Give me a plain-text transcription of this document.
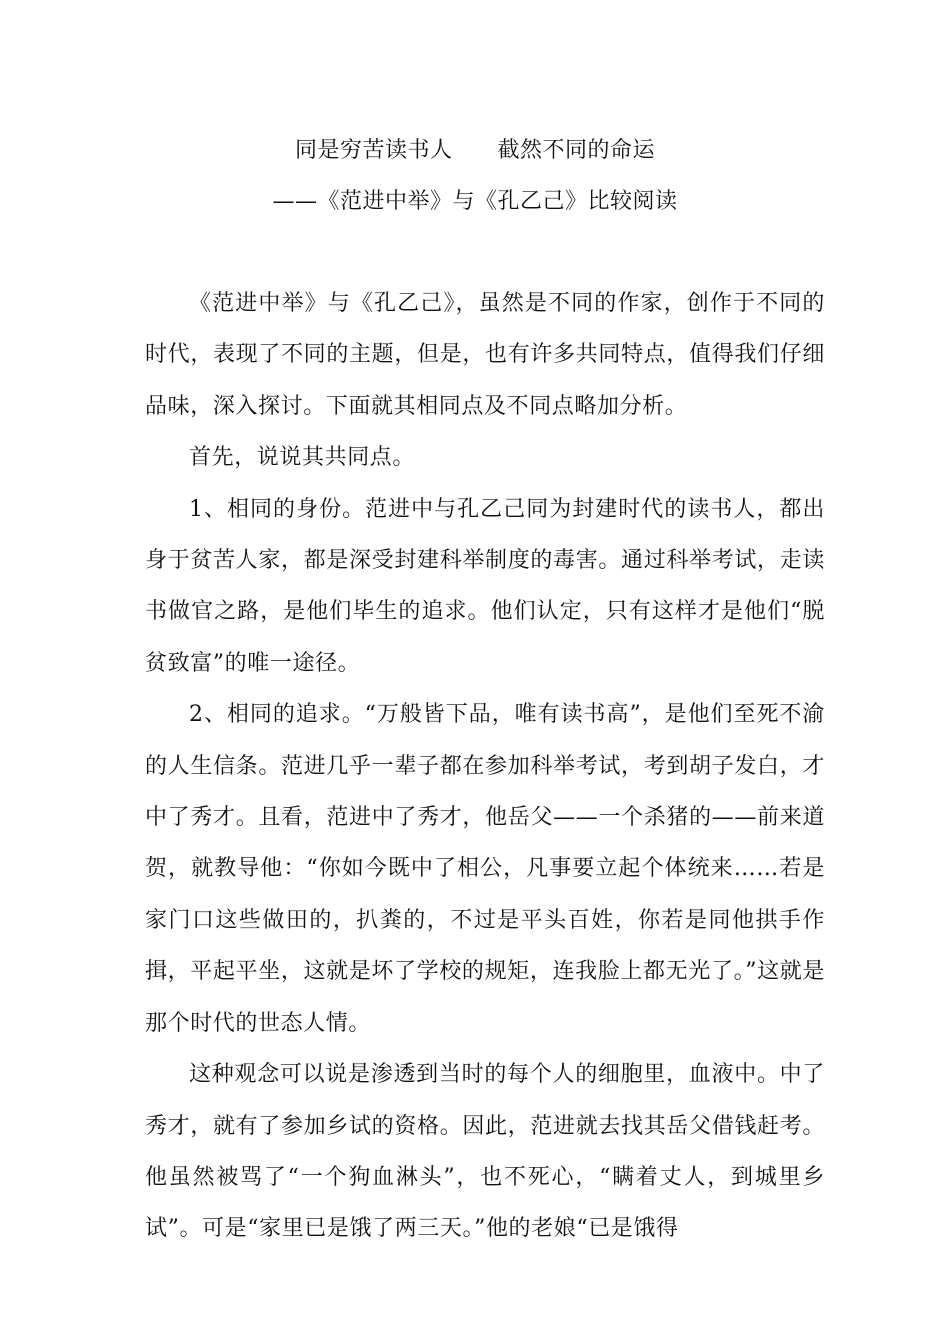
同是穷苦读书人      截然不同的命运
——《范进中举》与《孔乙己》比较阅读

《范进中举》与《孔乙己》，虽然是不同的作家，创作于不同的时代，表现了不同的主题，但是，也有许多共同特点，值得我们仔细品味，深入探讨。下面就其相同点及不同点略加分析。

首先，说说其共同点。

1、相同的身份。范进中与孔乙己同为封建时代的读书人，都出身于贫苦人家，都是深受封建科举制度的毒害。通过科举考试，走读书做官之路，是他们毕生的追求。他们认定，只有这样才是他们“脱贫致富”的唯一途径。

2、相同的追求。“万般皆下品，唯有读书高”，是他们至死不渝的人生信条。范进几乎一辈子都在参加科举考试，考到胡子发白，才中了秀才。且看，范进中了秀才，他岳父——一个杀猪的——前来道贺，就教导他：“你如今既中了相公，凡事要立起个体统来……若是家门口这些做田的，扒粪的，不过是平头百姓，你若是同他拱手作揖，平起平坐，这就是坏了学校的规矩，连我脸上都无光了。”这就是那个时代的世态人情。

这种观念可以说是渗透到当时的每个人的细胞里，血液中。中了秀才，就有了参加乡试的资格。因此，范进就去找其岳父借钱赶考。他虽然被骂了“一个狗血淋头”，也不死心，“瞒着丈人，到城里乡试”。可是“家里已是饿了两三天。”他的老娘“已是饿得
